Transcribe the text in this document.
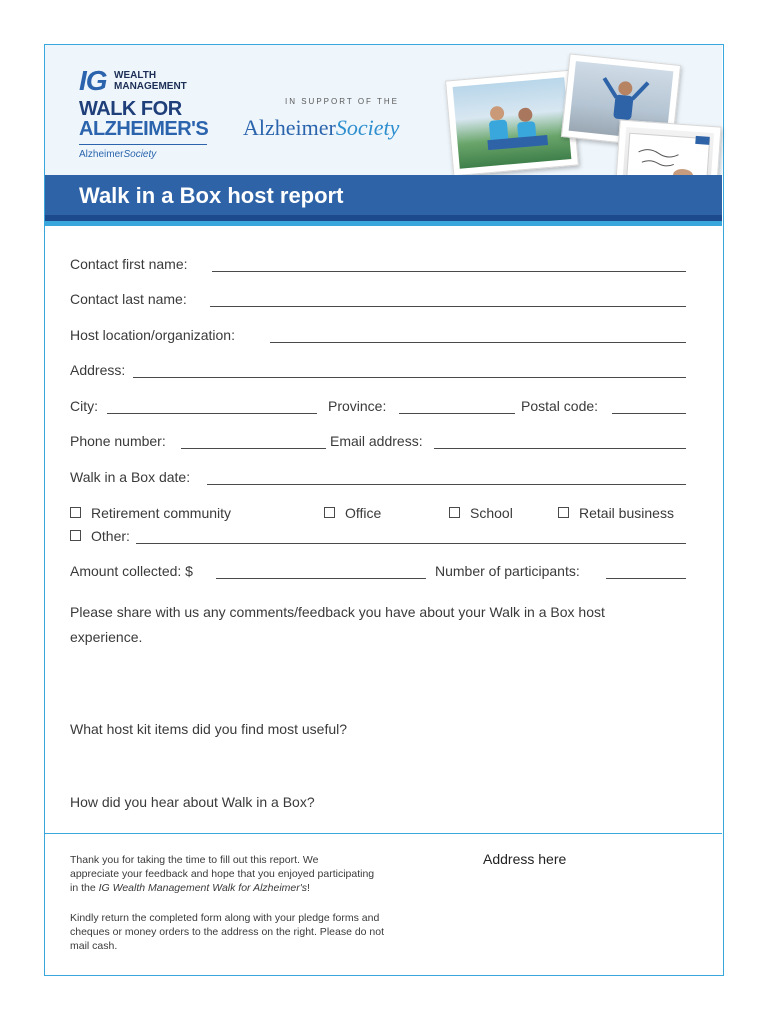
IG WEALTH
MANAGEMENT
WALK FOR
ALZHEIMER'S
AlzheimerSociety
IN SUPPORT OF THE
AlzheimerSociety
Walk in a Box host report
Contact first name:
Contact last name:
Host location/organization:
Address:
City:	Province:	Postal code:
Phone number:	Email address:
Walk in a Box date:
Retirement community	Office	School	Retail business
Other:
Amount collected: $	Number of participants:
Please share with us any comments/feedback you have about your Walk in a Box host
experience.
What host kit items did you find most useful?
How did you hear about Walk in a Box?
Thank you for taking the time to fill out this report. We
appreciate your feedback and hope that you enjoyed participating
in the IG Wealth Management Walk for Alzheimer's!
Kindly return the completed form along with your pledge forms and
cheques or money orders to the address on the right. Please do not
mail cash.
Address here
